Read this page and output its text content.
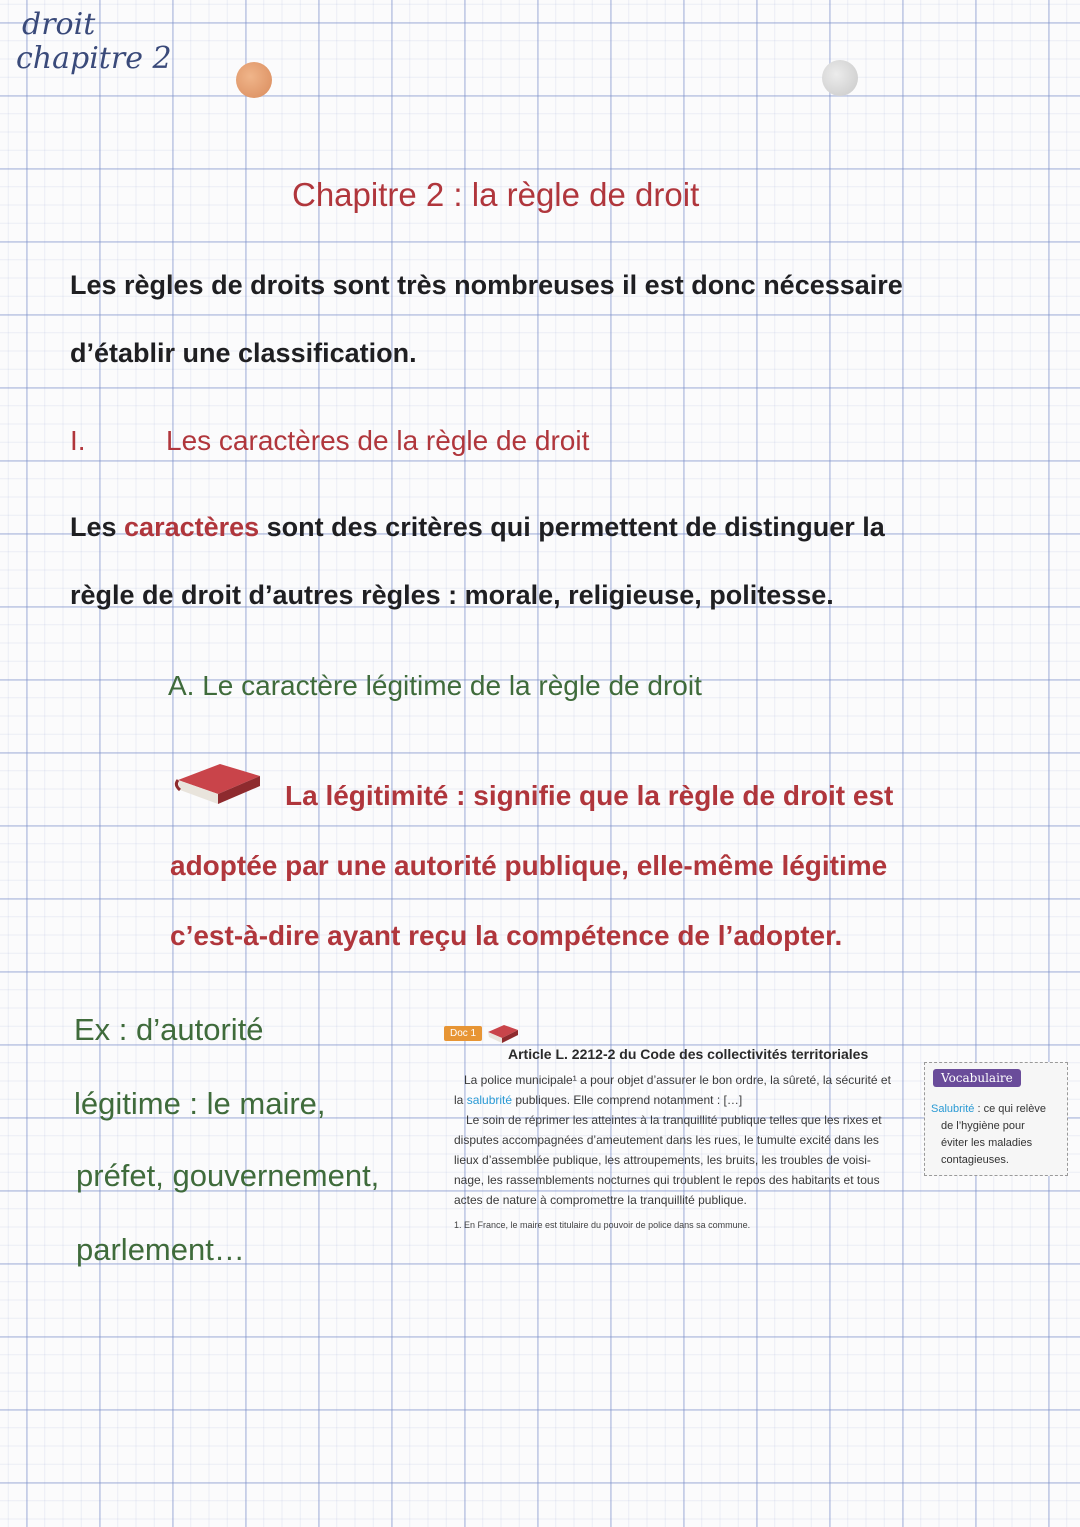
droit
chapitre 2
Chapitre 2 : la règle de droit
Les règles de droits sont très nombreuses il est donc nécessaire
d’établir une classification.
I.	Les caractères de la règle de droit
Les caractères sont des critères qui permettent de distinguer la
règle de droit d’autres règles : morale, religieuse, politesse.
A. Le caractère légitime de la règle de droit
La légitimité : signifie que la règle de droit est
adoptée par une autorité publique, elle-même légitime
c’est-à-dire ayant reçu la compétence de l’adopter.
Ex : d’autorité
légitime : le maire,
préfet, gouvernement,
parlement…
Doc 1
Article L. 2212-2 du Code des collectivités territoriales
La police municipale¹ a pour objet d’assurer le bon ordre, la sûreté, la sécurité et
la salubrité publiques. Elle comprend notamment : […]
Le soin de réprimer les atteintes à la tranquillité publique telles que les rixes et
disputes accompagnées d’ameutement dans les rues, le tumulte excité dans les
lieux d’assemblée publique, les attroupements, les bruits, les troubles de voisi-
nage, les rassemblements nocturnes qui troublent le repos des habitants et tous
actes de nature à compromettre la tranquillité publique.
1. En France, le maire est titulaire du pouvoir de police dans sa commune.
Vocabulaire
Salubrité : ce qui relève
de l’hygiène pour
éviter les maladies
contagieuses.
